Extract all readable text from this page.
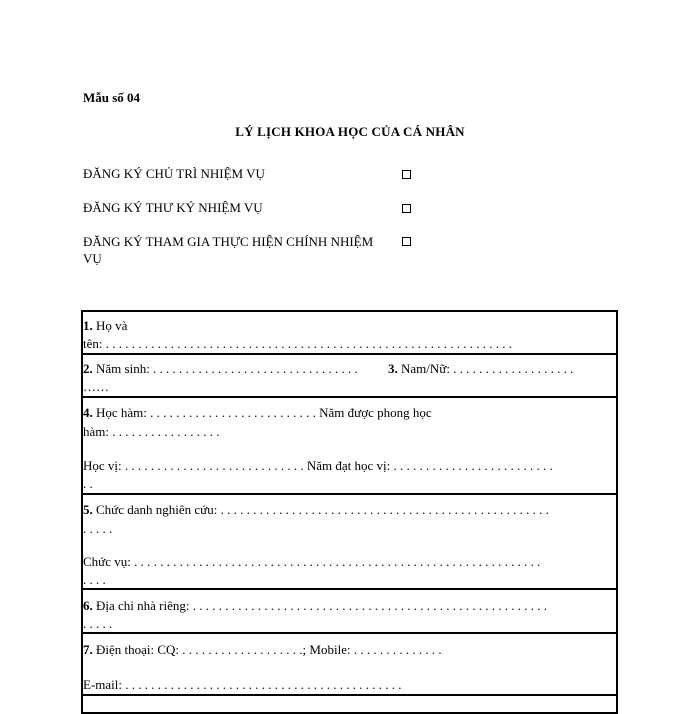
Mẫu số 04
LÝ LỊCH KHOA HỌC CỦA CÁ NHÂN
ĐĂNG KÝ CHỦ TRÌ NHIỆM VỤ
ĐĂNG KÝ THƯ KÝ NHIỆM VỤ
ĐĂNG KÝ THAM GIA THỰC HIỆN CHÍNH NHIỆM VỤ
1. Họ và
tên: . . . . . . . . . . . . . . . . . . . . . . . . . . . . . . . . . . . . . . . . . . . . . . . . . . . . . . . . . . . . . . .
2. Năm sinh: . . . . . . . . . . . . . . . . . . . . . . . . . . . . . . . . 3. Nam/Nữ: . . . . . . . . . . . . . . . . . . .
……
4. Học hàm: . . . . . . . . . . . . . . . . . . . . . . . . . . Năm được phong học
hàm: . . . . . . . . . . . . . . . . .
Học vị: . . . . . . . . . . . . . . . . . . . . . . . . . . . . Năm đạt học vị: . . . . . . . . . . . . . . . . . . . . . . . . .
. .
5. Chức danh nghiên cứu: . . . . . . . . . . . . . . . . . . . . . . . . . . . . . . . . . . . . . . . . . . . . . . . . . . .
. . . . .
Chức vụ: . . . . . . . . . . . . . . . . . . . . . . . . . . . . . . . . . . . . . . . . . . . . . . . . . . . . . . . . . . . . . . .
. . . .
6. Địa chỉ nhà riêng: . . . . . . . . . . . . . . . . . . . . . . . . . . . . . . . . . . . . . . . . . . . . . . . . . . . . . . .
. . . . .
7. Điện thoại: CQ: . . . . . . . . . . . . . . . . . . .; Mobile: . . . . . . . . . . . . . .
E-mail: . . . . . . . . . . . . . . . . . . . . . . . . . . . . . . . . . . . . . . . . . . .
